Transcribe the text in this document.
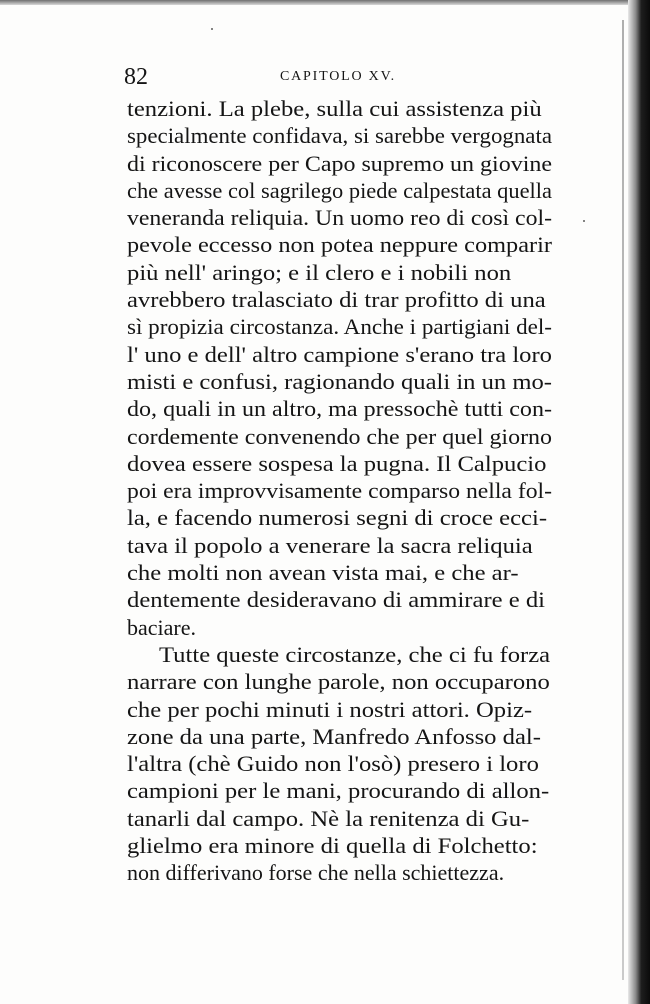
82	CAPITOLO XV.
tenzioni. La plebe, sulla cui assistenza più
specialmente confidava, si sarebbe vergognata
di riconoscere per Capo supremo un giovine
che avesse col sagrilego piede calpestata quella
veneranda reliquia. Un uomo reo di così col-
pevole eccesso non potea neppure comparir
più nell' aringo; e il clero e i nobili non
avrebbero tralasciato di trar profitto di una
sì propizia circostanza. Anche i partigiani del-
l' uno e dell' altro campione s'erano tra loro
misti e confusi, ragionando quali in un mo-
do, quali in un altro, ma pressochè tutti con-
cordemente convenendo che per quel giorno
dovea essere sospesa la pugna. Il Calpucio
poi era improvvisamente comparso nella fol-
la, e facendo numerosi segni di croce ecci-
tava il popolo a venerare la sacra reliquia
che molti non avean vista mai, e che ar-
dentemente desideravano di ammirare e di
baciare.
Tutte queste circostanze, che ci fu forza
narrare con lunghe parole, non occuparono
che per pochi minuti i nostri attori. Opiz-
zone da una parte, Manfredo Anfosso dal-
l'altra (chè Guido non l'osò) presero i loro
campioni per le mani, procurando di allon-
tanarli dal campo. Nè la renitenza di Gu-
glielmo era minore di quella di Folchetto:
non differivano forse che nella schiettezza.
